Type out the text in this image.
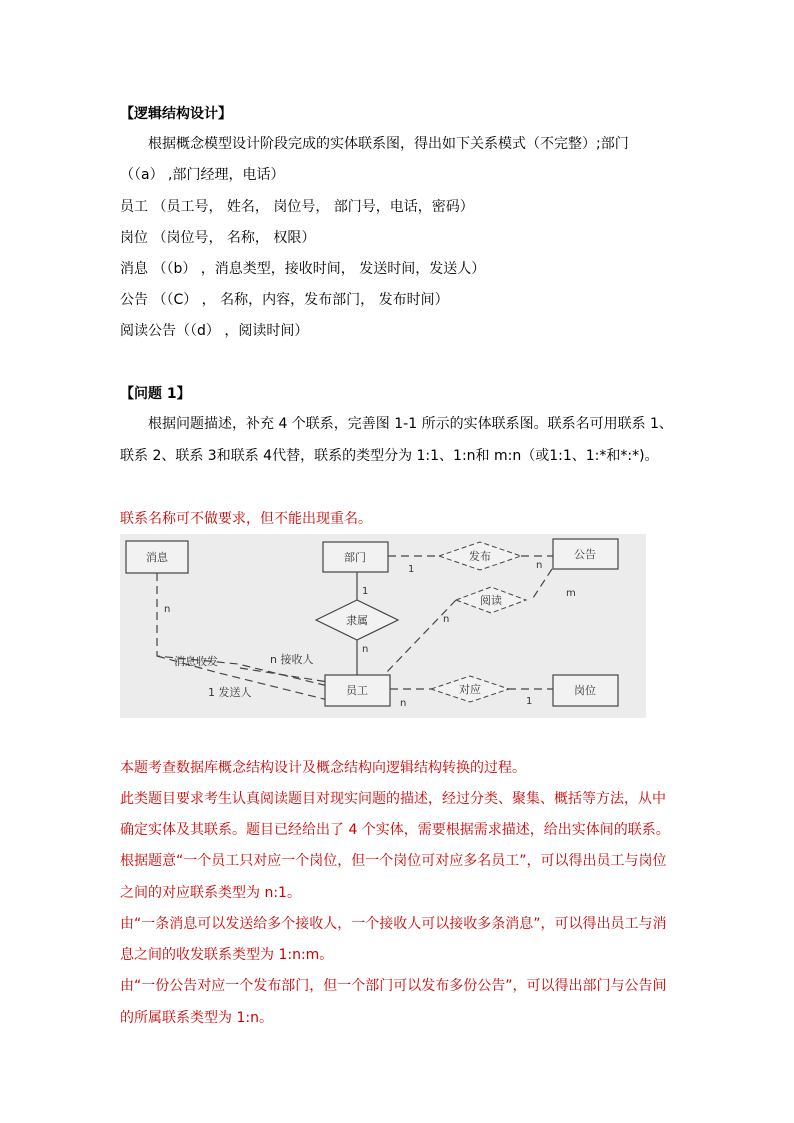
【逻辑结构设计】
根据概念模型设计阶段完成的实体联系图，得出如下关系模式（不完整）;部门
（（a） ,部门经理，电话）
员工 （员工号， 姓名， 岗位号， 部门号，电话，密码）
岗位 （岗位号， 名称， 权限）
消息 （（b） ，消息类型，接收时间， 发送时间，发送人）
公告 （（C） ， 名称，内容，发布部门， 发布时间）
阅读公告（（d） ，阅读时间）
【问题 1】
根据问题描述，补充 4 个联系，完善图 1-1 所示的实体联系图。联系名可用联系 1、
联系 2、联系 3和联系 4代替，联系的类型分为 1:1、1:n和 m:n（或1:1、1:*和*:*)。
联系名称可不做要求，但不能出现重名。
消息	部门	公告
员工	岗位
发布
隶属
阅读
对应
消息收发	n 接收人
1 发送人
n
1	n
1
n
n
m
n	1
本题考查数据库概念结构设计及概念结构向逻辑结构转换的过程。
此类题目要求考生认真阅读题目对现实问题的描述，经过分类、聚集、概括等方法，从中
确定实体及其联系。题目已经给出了 4 个实体，需要根据需求描述，给出实体间的联系。
根据题意“一个员工只对应一个岗位，但一个岗位可对应多名员工”，可以得出员工与岗位
之间的对应联系类型为 n:1。
由“一条消息可以发送给多个接收人，一个接收人可以接收多条消息”，可以得出员工与消
息之间的收发联系类型为 1:n:m。
由“一份公告对应一个发布部门，但一个部门可以发布多份公告”，可以得出部门与公告间
的所属联系类型为 1:n。
